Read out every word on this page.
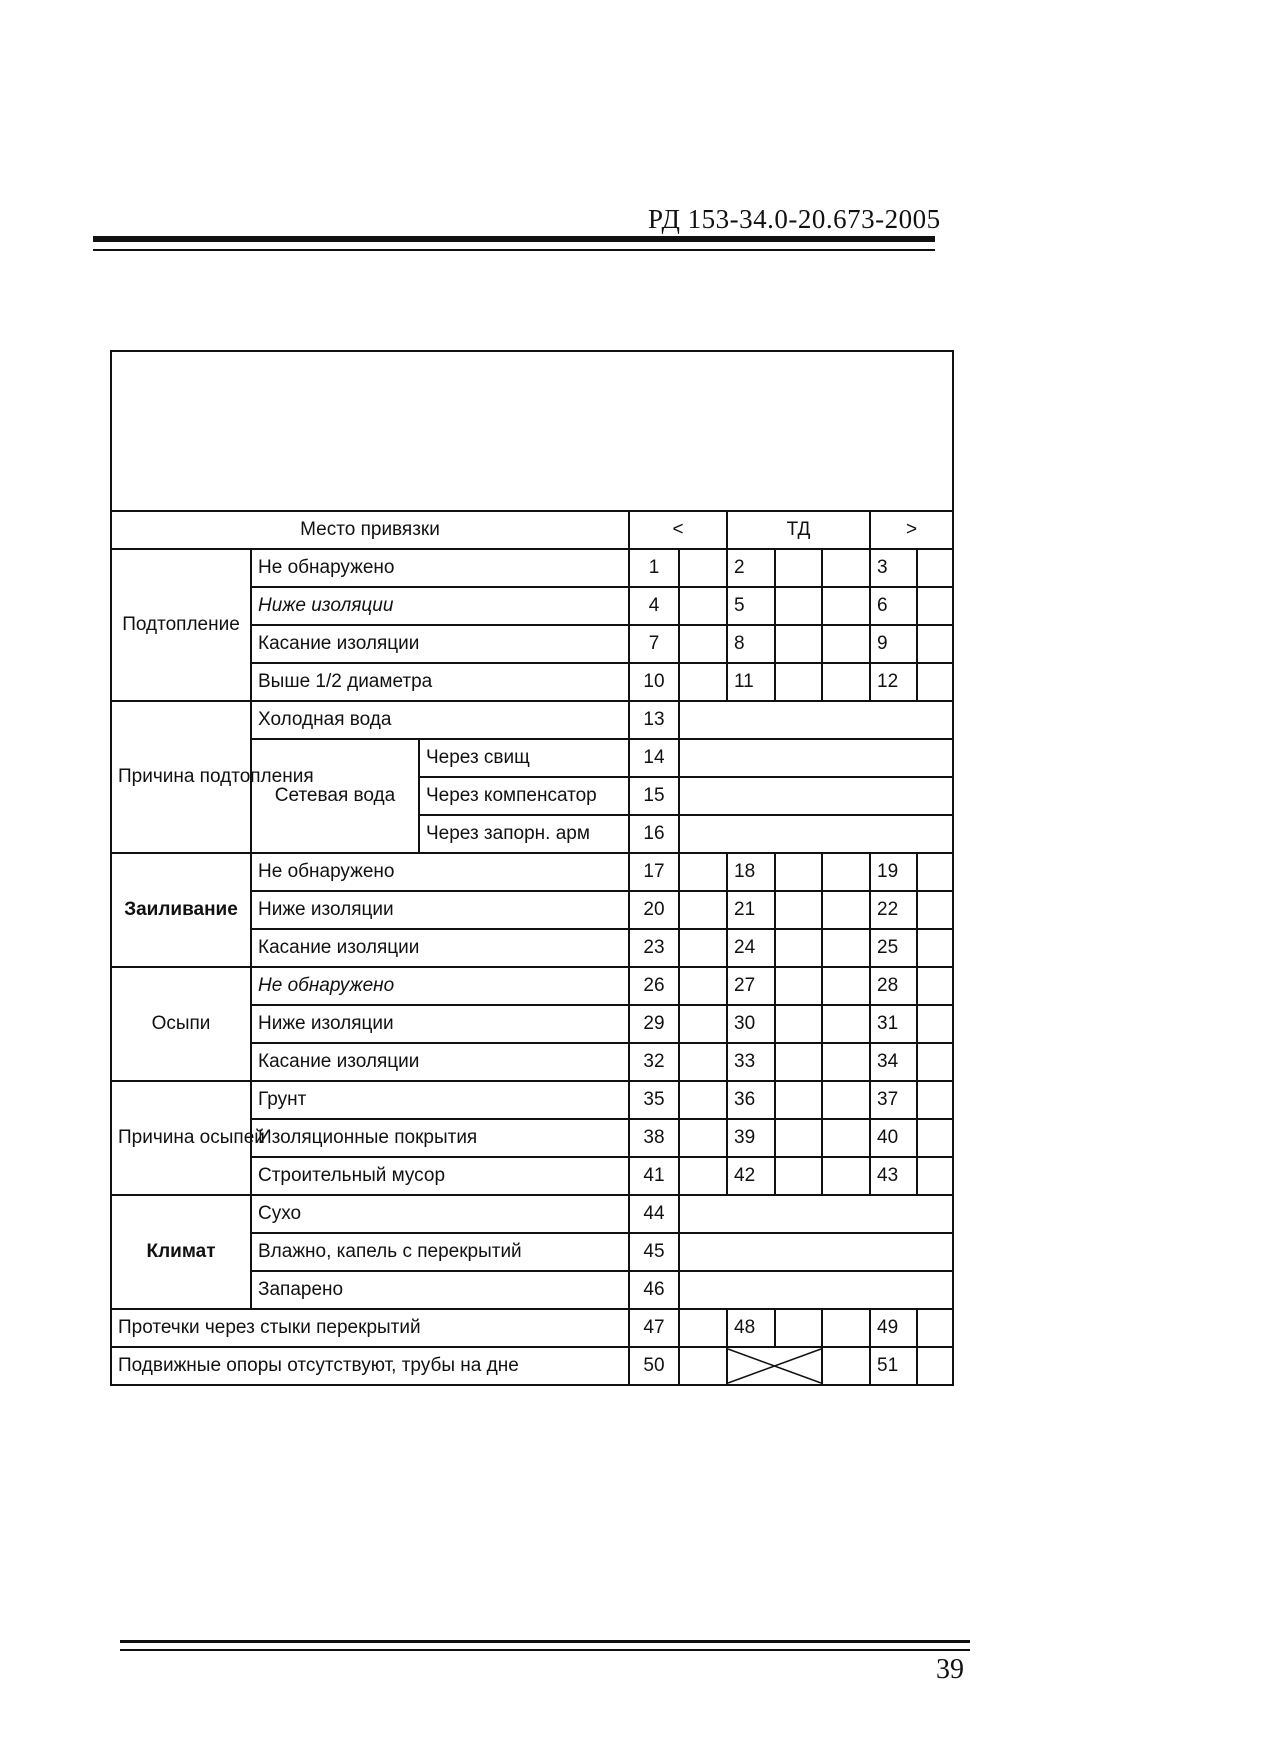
РД 153-34.0-20.673-2005

Место привязки			<		ТД			>	
Подтопление	Не обнаружено		1		2			3	
	Ниже изоляции		4		5			6	
	Касание изоляции		7		8			9	
	Выше 1/2 диаметра		10		11			12	
Причина подтопления	Холодная вода		13						
	Сетевая вода	Через свищ	14						
		Через компенсатор	15						
		Через запорн. арм	16						
Заиливание	Не обнаружено		17		18			19	
	Ниже изоляции		20		21			22	
	Касание изоляции		23		24			25	
Осыпи	Не обнаружено		26		27			28	
	Ниже изоляции		29		30			31	
	Касание изоляции		32		33			34	
Причина осыпей	Грунт		35		36			37	
	Изоляционные покрытия		38		39			40	
	Строительный мусор		41		42			43	
Климат	Сухо		44						
	Влажно, капель с перекрытий		45						
	Запарено		46						
Протечки через стыки перекрытий			47		48			49	
Подвижные опоры отсутствуют, трубы на дне			50					51	
39
